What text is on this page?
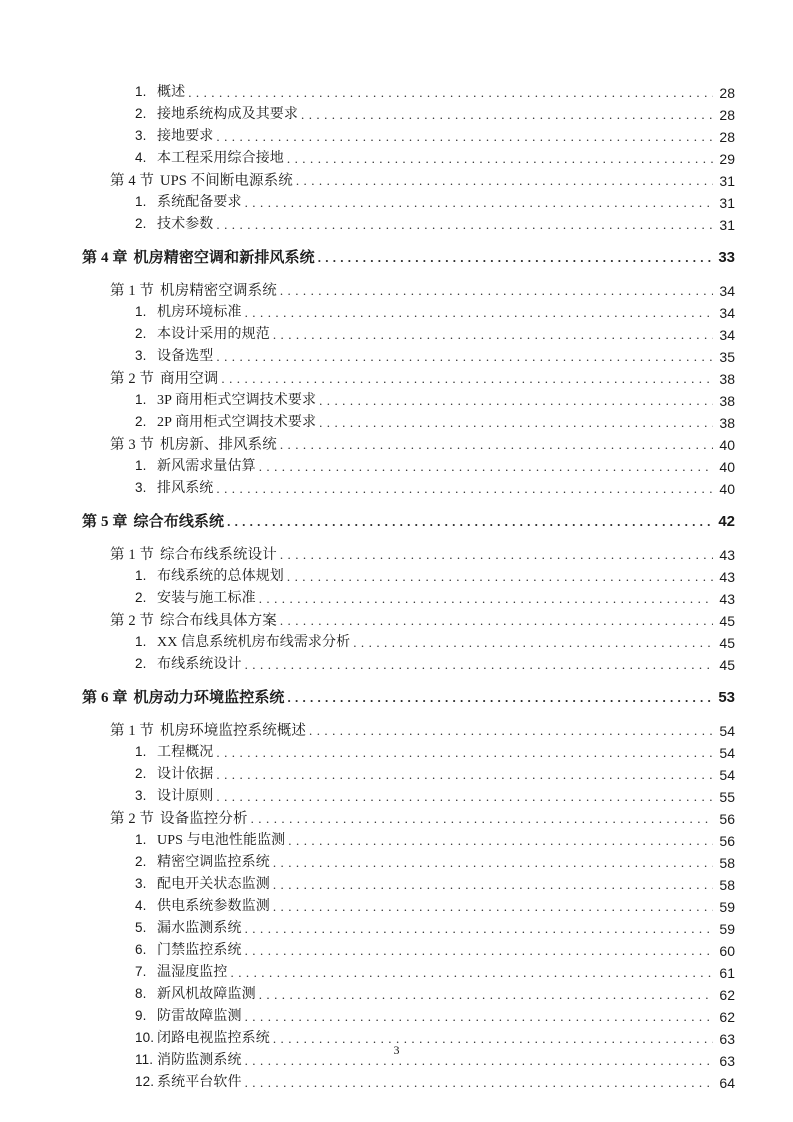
1. 概述 . . .	28
2. 接地系统构成及其要求 . . .	28
3. 接地要求 . . .	28
4. 本工程采用综合接地 . . .	29
第 4 节 UPS 不间断电源系统 . . .	31
1. 系统配备要求 . . .	31
2. 技术参数 . . .	31
第 4 章 机房精密空调和新排风系统 . . .	33
第 1 节 机房精密空调系统 . . .	34
1. 机房环境标准 . . .	34
2. 本设计采用的规范 . . .	34
3. 设备选型 . . .	35
第 2 节 商用空调 . . .	38
1. 3P 商用柜式空调技术要求 . . .	38
2. 2P 商用柜式空调技术要求 . . .	38
第 3 节 机房新、排风系统 . . .	40
1. 新风需求量估算 . . .	40
3. 排风系统 . . .	40
第 5 章 综合布线系统 . . .	42
第 1 节 综合布线系统设计 . . .	43
1. 布线系统的总体规划 . . .	43
2. 安装与施工标准 . . .	43
第 2 节 综合布线具体方案 . . .	45
1. XX 信息系统机房布线需求分析 . . .	45
2. 布线系统设计 . . .	45
第 6 章 机房动力环境监控系统 . . .	53
第 1 节 机房环境监控系统概述 . . .	54
1. 工程概况 . . .	54
2. 设计依据 . . .	54
3. 设计原则 . . .	55
第 2 节 设备监控分析 . . .	56
1. UPS 与电池性能监测 . . .	56
2. 精密空调监控系统 . . .	58
3. 配电开关状态监测 . . .	58
4. 供电系统参数监测 . . .	59
5. 漏水监测系统 . . .	59
6. 门禁监控系统 . . .	60
7. 温湿度监控 . . .	61
8. 新风机故障监测 . . .	62
9. 防雷故障监测 . . .	62
10. 闭路电视监控系统 . . .	63
11. 消防监测系统 . . .	63
12. 系统平台软件 . . .	64
3
